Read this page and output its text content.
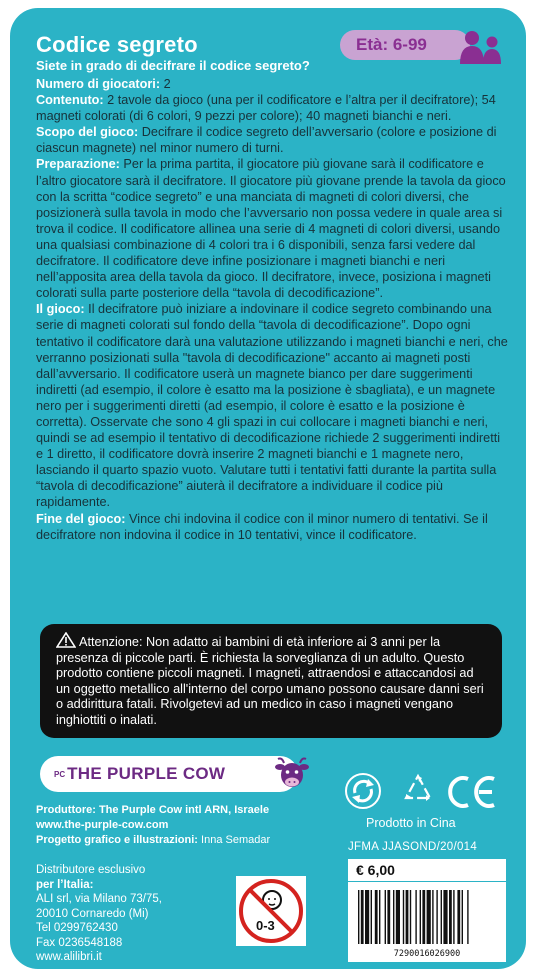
Codice segreto	Età: 6-99
Siete in grado di decifrare il codice segreto?

Numero di giocatori: 2

Contenuto: 2 tavole da gioco (una per il codificatore e l’altra per il decifratore); 54 magneti colorati (di 6 colori, 9 pezzi per colore); 40 magneti bianchi e neri.

Scopo del gioco: Decifrare il codice segreto dell’avversario (colore e posizione di ciascun magnete) nel minor numero di turni.

Preparazione: Per la prima partita, il giocatore più giovane sarà il codificatore e l’altro giocatore sarà il decifratore. Il giocatore più giovane prende la tavola da gioco con la scritta “codice segreto” e una manciata di magneti di colori diversi, che posizionerà sulla tavola in modo che l’avversario non possa vedere in quale area si trova il codice. Il codificatore allinea una serie di 4 magneti di colori diversi, usando una qualsiasi combinazione di 4 colori tra i 6 disponibili, senza farsi vedere dal decifratore. Il codificatore deve infine posizionare i magneti bianchi e neri nell’apposita area della tavola da gioco. Il decifratore, invece, posiziona i magneti colorati sulla parte posteriore della “tavola di decodificazione”.

Il gioco: Il decifratore può iniziare a indovinare il codice segreto combinando una serie di magneti colorati sul fondo della “tavola di decodificazione”. Dopo ogni tentativo il codificatore darà una valutazione utilizzando i magneti bianchi e neri, che verranno posizionati sulla "tavola di decodificazione" accanto ai magneti posti dall’avversario. Il codificatore userà un magnete bianco per dare suggerimenti indiretti (ad esempio, il colore è esatto ma la posizione è sbagliata), e un magnete nero per i suggerimenti diretti (ad esempio, il colore è esatto e la posizione è corretta). Osservate che sono 4 gli spazi in cui collocare i magneti bianchi e neri, quindi se ad esempio il tentativo di decodificazione richiede 2 suggerimenti indiretti e 1 diretto, il codificatore dovrà inserire 2 magneti bianchi e 1 magnete nero, lasciando il quarto spazio vuoto. Valutare tutti i tentativi fatti durante la partita sulla “tavola di decodificazione” aiuterà il decifratore a individuare il codice più rapidamente.

Fine del gioco: Vince chi indovina il codice con il minor numero di tentativi. Se il decifratore non indovina il codice in 10 tentativi, vince il codificatore.

Attenzione: Non adatto ai bambini di età inferiore ai 3 anni per la presenza di piccole parti. È richiesta la sorveglianza di un adulto. Questo prodotto contiene piccoli magneti. I magneti, attraendosi e attaccandosi ad un oggetto metallico all'interno del corpo umano possono causare danni seri o addirittura fatali. Rivolgetevi ad un medico in caso i magneti vengano inghiottiti o inalati.
PC THE PURPLE COW
Prodotto in Cina
Produttore: The Purple Cow intl ARN, Israele
www.the-purple-cow.com
Progetto grafico e illustrazioni: Inna Semadar
Distributore esclusivo
per l’Italia:
ALI srl, via Milano 73/75,
20010 Cornaredo (Mi)
Tel 0299762430
Fax 0236548188
www.alilibri.it
0-3
JFMA JJASOND/20/014
€ 6,00
7290016026900
